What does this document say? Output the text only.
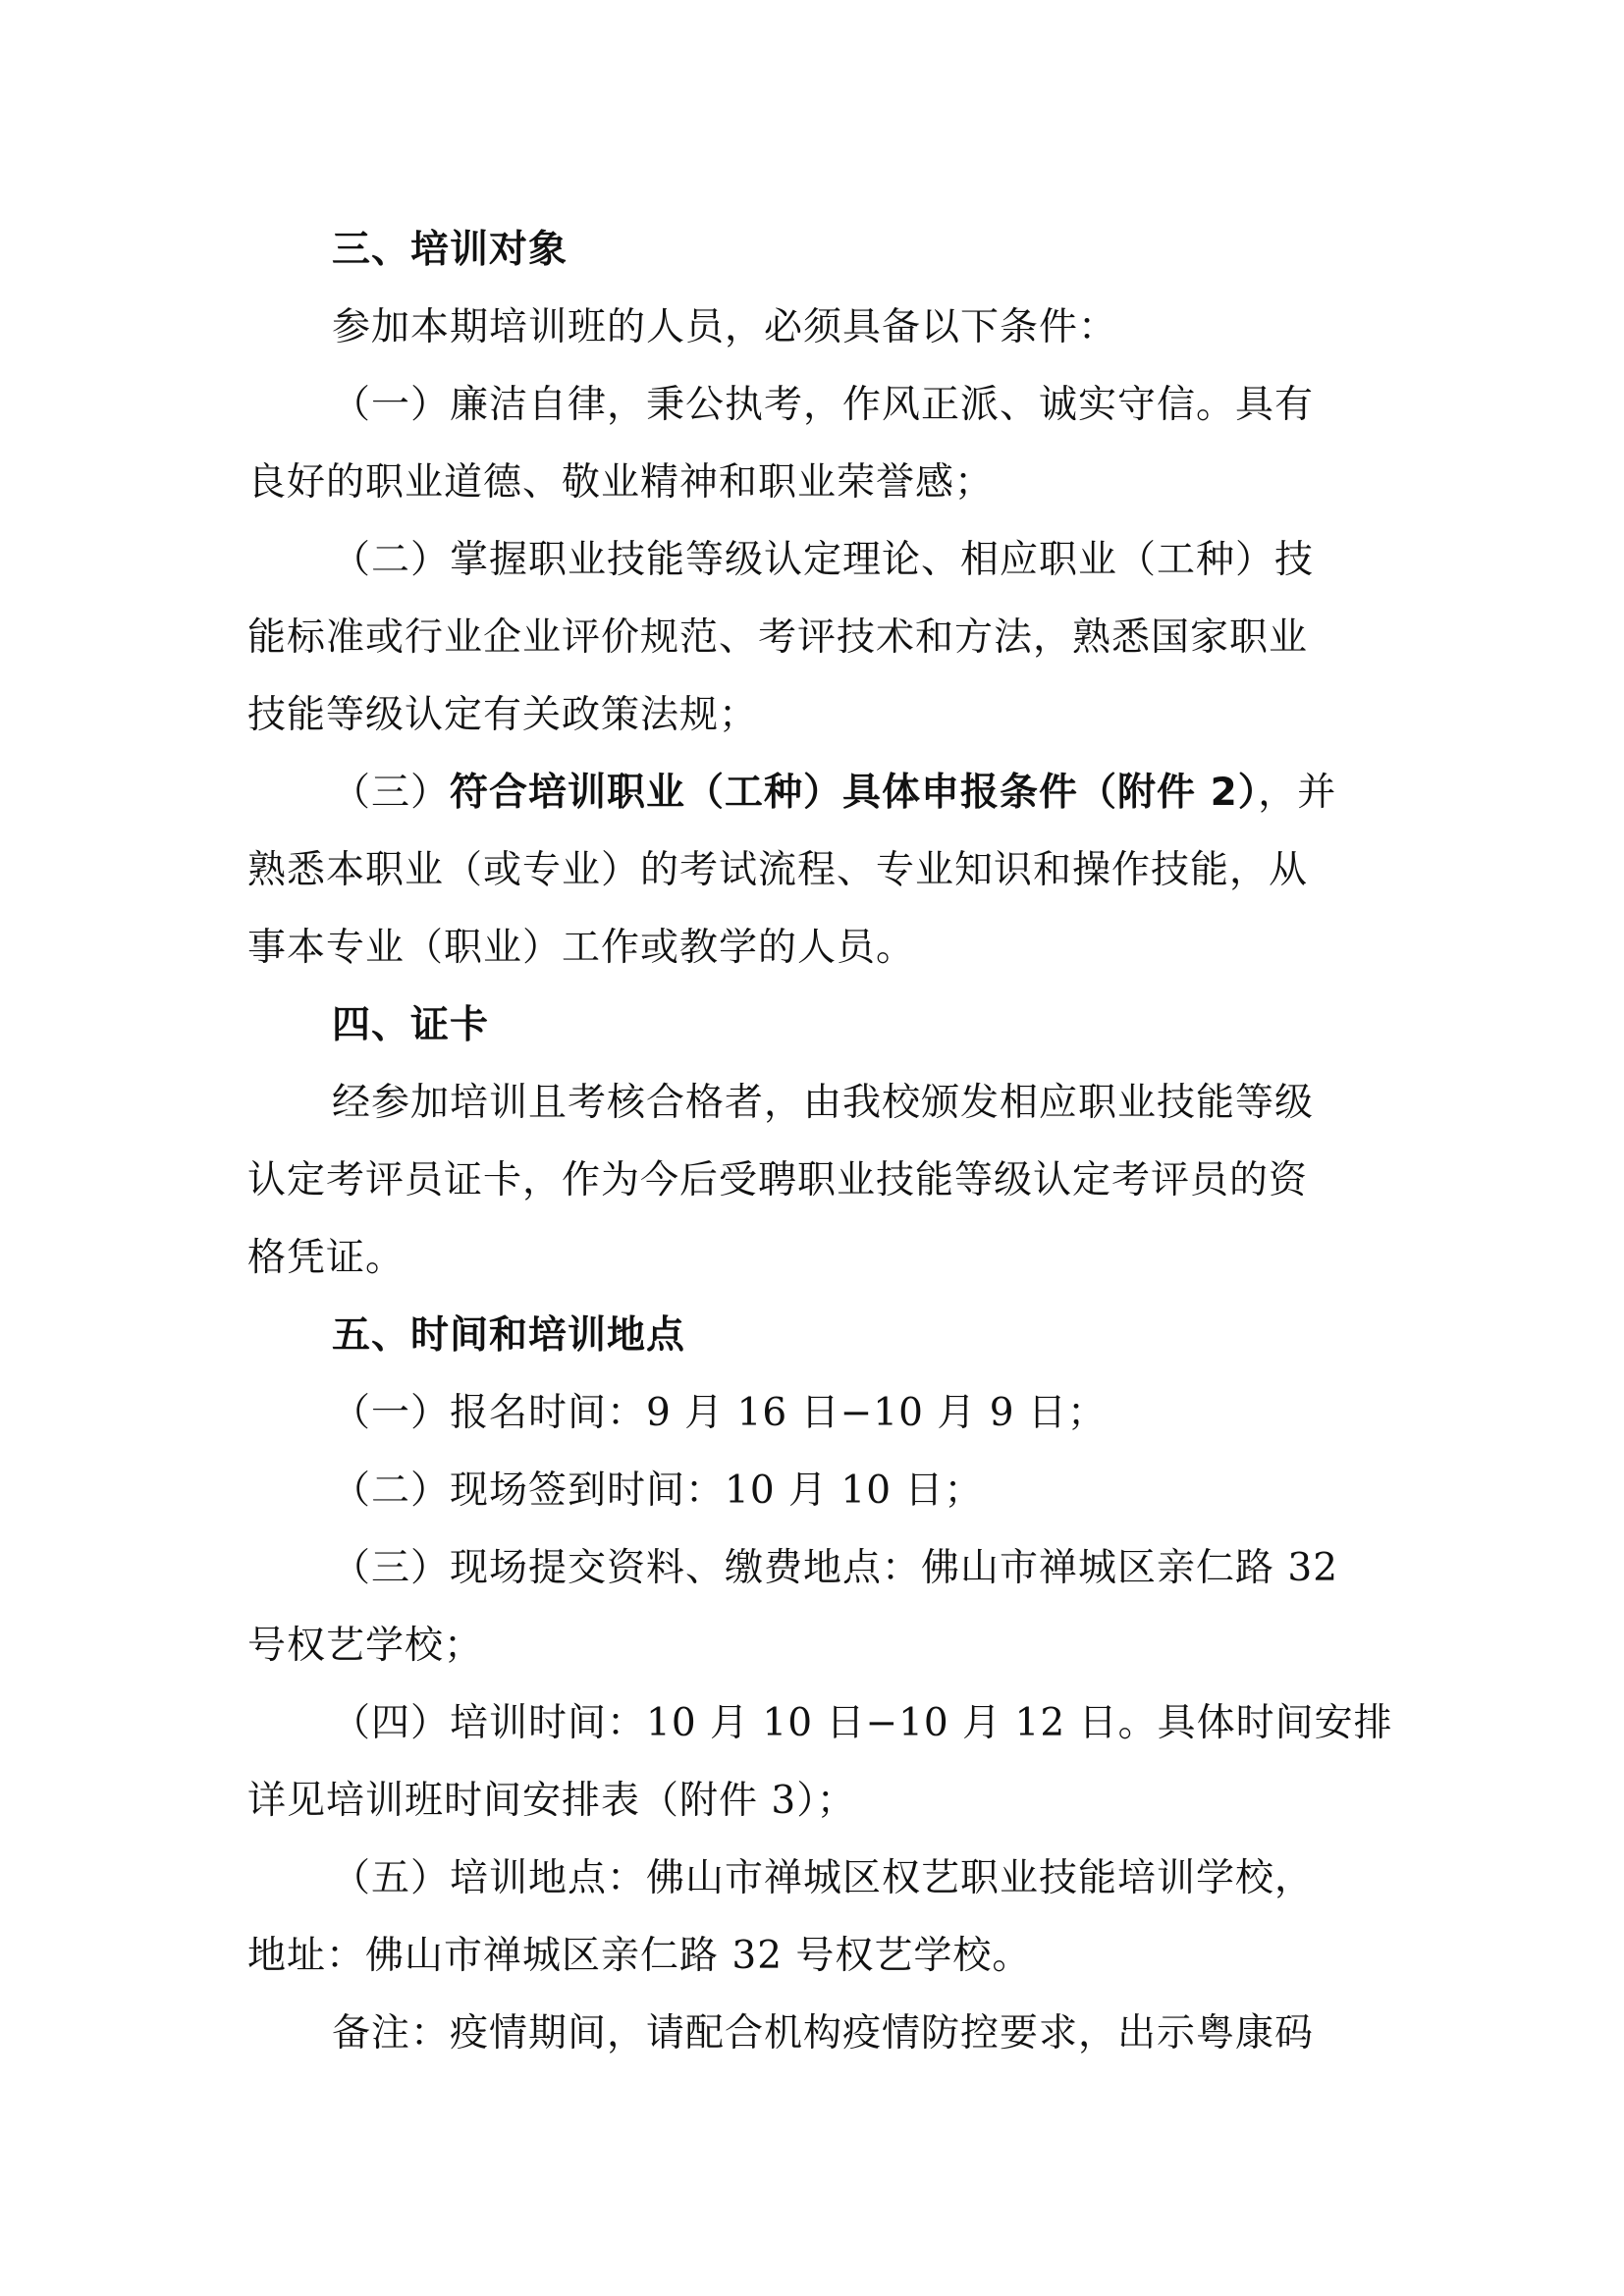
三、培训对象

参加本期培训班的人员，必须具备以下条件：

（一）廉洁自律，秉公执考，作风正派、诚实守信。具有

良好的职业道德、敬业精神和职业荣誉感；

（二）掌握职业技能等级认定理论、相应职业（工种）技

能标准或行业企业评价规范、考评技术和方法，熟悉国家职业

技能等级认定有关政策法规；

（三）符合培训职业（工种）具体申报条件（附件 2），并

熟悉本职业（或专业）的考试流程、专业知识和操作技能，从

事本专业（职业）工作或教学的人员。

四、证卡

经参加培训且考核合格者，由我校颁发相应职业技能等级

认定考评员证卡，作为今后受聘职业技能等级认定考评员的资

格凭证。

五、时间和培训地点

（一）报名时间：9 月 16 日−10 月 9 日；

（二）现场签到时间：10 月 10 日；

（三）现场提交资料、缴费地点：佛山市禅城区亲仁路 32

号权艺学校；

（四）培训时间：10 月 10 日−10 月 12 日。具体时间安排

详见培训班时间安排表（附件 3）；

（五）培训地点：佛山市禅城区权艺职业技能培训学校，

地址：佛山市禅城区亲仁路 32 号权艺学校。

备注：疫情期间，请配合机构疫情防控要求，出示粤康码
